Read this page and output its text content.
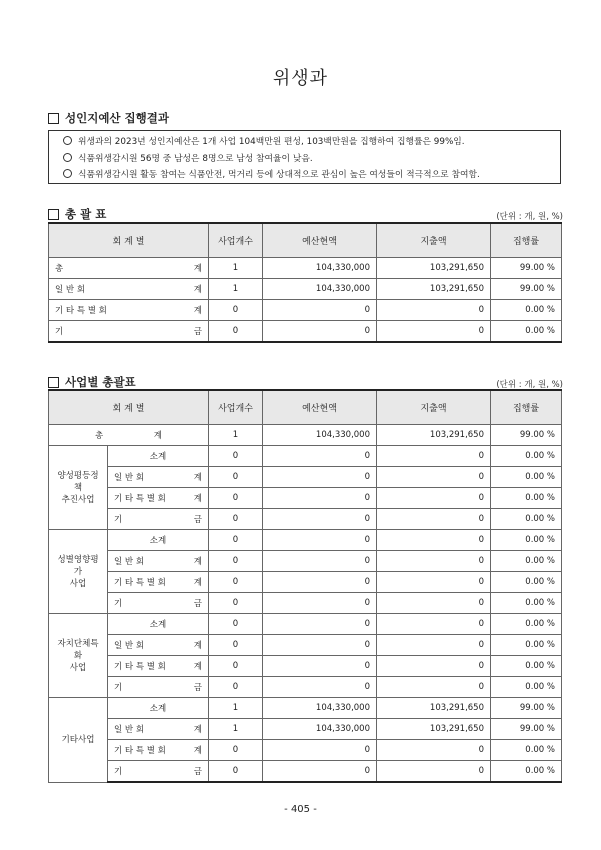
위생과
성인지예산 집행결과
위생과의 2023년 성인지예산은 1개 사업 104백만원 편성, 103백만원을 집행하여 집행률은 99%임.
식품위생감시원 56명 중 남성은 8명으로 남성 참여율이 낮음.
식품위생감시원 활동 참여는 식품안전, 먹거리 등에 상대적으로 관심이 높은 여성들이 적극적으로 참여함.
총 괄 표	(단위 : 개, 원, %)
회 계 별	사업개수	예산현액	지출액	집행률

총 계	1	104,330,000	103,291,650	99.00 %

일 반 회 계	1	104,330,000	103,291,650	99.00 %

기 타 특 별 회 계	0	0	0	0.00 %

기 금	0	0	0	0.00 %
사업별 총괄표	(단위 : 개, 원, %)
회 계 별		사업개수	예산현액	지출액	집행률

총 계		1	104,330,000	103,291,650	99.00 %

양성평등정책
추진사업	소계	0	0	0	0.00 %

	일 반 회 계	0	0	0	0.00 %

	기 타 특 별 회 계	0	0	0	0.00 %

	기 금	0	0	0	0.00 %

성별영향평가
사업	소계	0	0	0	0.00 %

	일 반 회 계	0	0	0	0.00 %

	기 타 특 별 회 계	0	0	0	0.00 %

	기 금	0	0	0	0.00 %

자치단체특화
사업	소계	0	0	0	0.00 %

	일 반 회 계	0	0	0	0.00 %

	기 타 특 별 회 계	0	0	0	0.00 %

	기 금	0	0	0	0.00 %

기타사업	소계	1	104,330,000	103,291,650	99.00 %

	일 반 회 계	1	104,330,000	103,291,650	99.00 %

	기 타 특 별 회 계	0	0	0	0.00 %

	기 금	0	0	0	0.00 %
- 405 -
